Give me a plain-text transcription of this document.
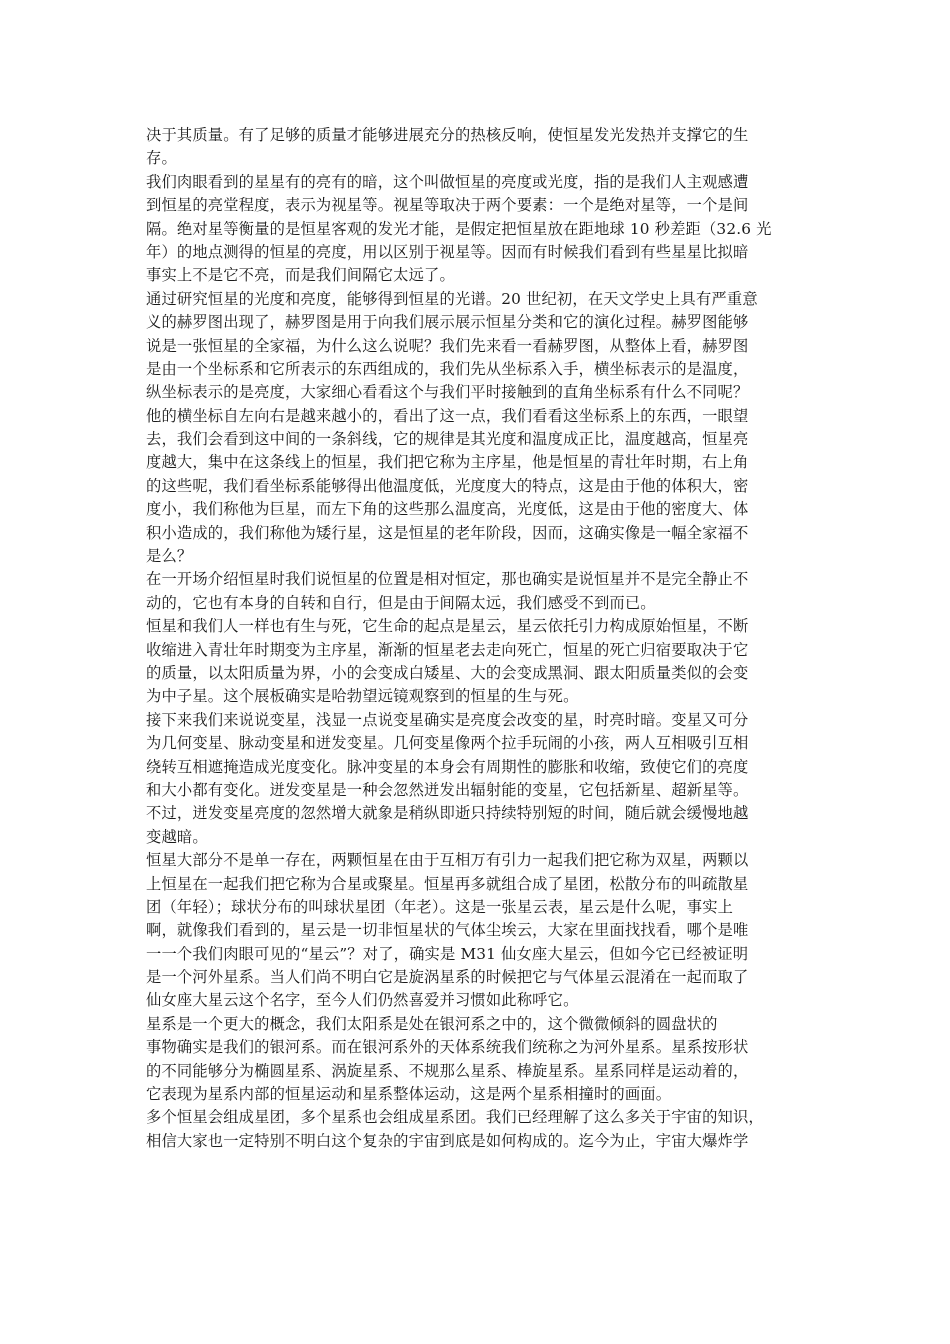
决于其质量。有了足够的质量才能够进展充分的热核反响，使恒星发光发热并支撑它的生
存。
我们肉眼看到的星星有的亮有的暗，这个叫做恒星的亮度或光度，指的是我们人主观感遭
到恒星的亮堂程度，表示为视星等。视星等取决于两个要素：一个是绝对星等，一个是间
隔。绝对星等衡量的是恒星客观的发光才能，是假定把恒星放在距地球 10 秒差距（32.6 光
年）的地点测得的恒星的亮度，用以区别于视星等。因而有时候我们看到有些星星比拟暗
事实上不是它不亮，而是我们间隔它太远了。
通过研究恒星的光度和亮度，能够得到恒星的光谱。20 世纪初，在天文学史上具有严重意
义的赫罗图出现了，赫罗图是用于向我们展示展示恒星分类和它的演化过程。赫罗图能够
说是一张恒星的全家福，为什么这么说呢？我们先来看一看赫罗图，从整体上看，赫罗图
是由一个坐标系和它所表示的东西组成的，我们先从坐标系入手，横坐标表示的是温度，
纵坐标表示的是亮度，大家细心看看这个与我们平时接触到的直角坐标系有什么不同呢？
他的横坐标自左向右是越来越小的，看出了这一点，我们看看这坐标系上的东西，一眼望
去，我们会看到这中间的一条斜线，它的规律是其光度和温度成正比，温度越高，恒星亮
度越大，集中在这条线上的恒星，我们把它称为主序星，他是恒星的青壮年时期，右上角
的这些呢，我们看坐标系能够得出他温度低，光度度大的特点，这是由于他的体积大，密
度小，我们称他为巨星，而左下角的这些那么温度高，光度低，这是由于他的密度大、体
积小造成的，我们称他为矮行星，这是恒星的老年阶段，因而，这确实像是一幅全家福不
是么？
在一开场介绍恒星时我们说恒星的位置是相对恒定，那也确实是说恒星并不是完全静止不
动的，它也有本身的自转和自行，但是由于间隔太远，我们感受不到而已。
恒星和我们人一样也有生与死，它生命的起点是星云，星云依托引力构成原始恒星，不断
收缩进入青壮年时期变为主序星，渐渐的恒星老去走向死亡，恒星的死亡归宿要取决于它
的质量，以太阳质量为界，小的会变成白矮星、大的会变成黑洞、跟太阳质量类似的会变
为中子星。这个展板确实是哈勃望远镜观察到的恒星的生与死。
接下来我们来说说变星，浅显一点说变星确实是亮度会改变的星，时亮时暗。变星又可分
为几何变星、脉动变星和迸发变星。几何变星像两个拉手玩闹的小孩，两人互相吸引互相
绕转互相遮掩造成光度变化。脉冲变星的本身会有周期性的膨胀和收缩，致使它们的亮度
和大小都有变化。迸发变星是一种会忽然迸发出辐射能的变星，它包括新星、超新星等。
不过，迸发变星亮度的忽然增大就象是稍纵即逝只持续特别短的时间，随后就会缓慢地越
变越暗。
恒星大部分不是单一存在，两颗恒星在由于互相万有引力一起我们把它称为双星，两颗以
上恒星在一起我们把它称为合星或聚星。恒星再多就组合成了星团，松散分布的叫疏散星
团（年轻）；球状分布的叫球状星团（年老）。这是一张星云表，星云是什么呢，事实上
啊，就像我们看到的，星云是一切非恒星状的气体尘埃云，大家在里面找找看，哪个是唯
一一个我们肉眼可见的“星云”？对了，确实是 M31 仙女座大星云，但如今它已经被证明
是一个河外星系。当人们尚不明白它是旋涡星系的时候把它与气体星云混淆在一起而取了
仙女座大星云这个名字，至今人们仍然喜爱并习惯如此称呼它。
星系是一个更大的概念，我们太阳系是处在银河系之中的，这个微微倾斜的圆盘状的
事物确实是我们的银河系。而在银河系外的天体系统我们统称之为河外星系。星系按形状
的不同能够分为椭圆星系、涡旋星系、不规那么星系、棒旋星系。星系同样是运动着的，
它表现为星系内部的恒星运动和星系整体运动，这是两个星系相撞时的画面。
多个恒星会组成星团，多个星系也会组成星系团。我们已经理解了这么多关于宇宙的知识，
相信大家也一定特别不明白这个复杂的宇宙到底是如何构成的。迄今为止，宇宙大爆炸学
